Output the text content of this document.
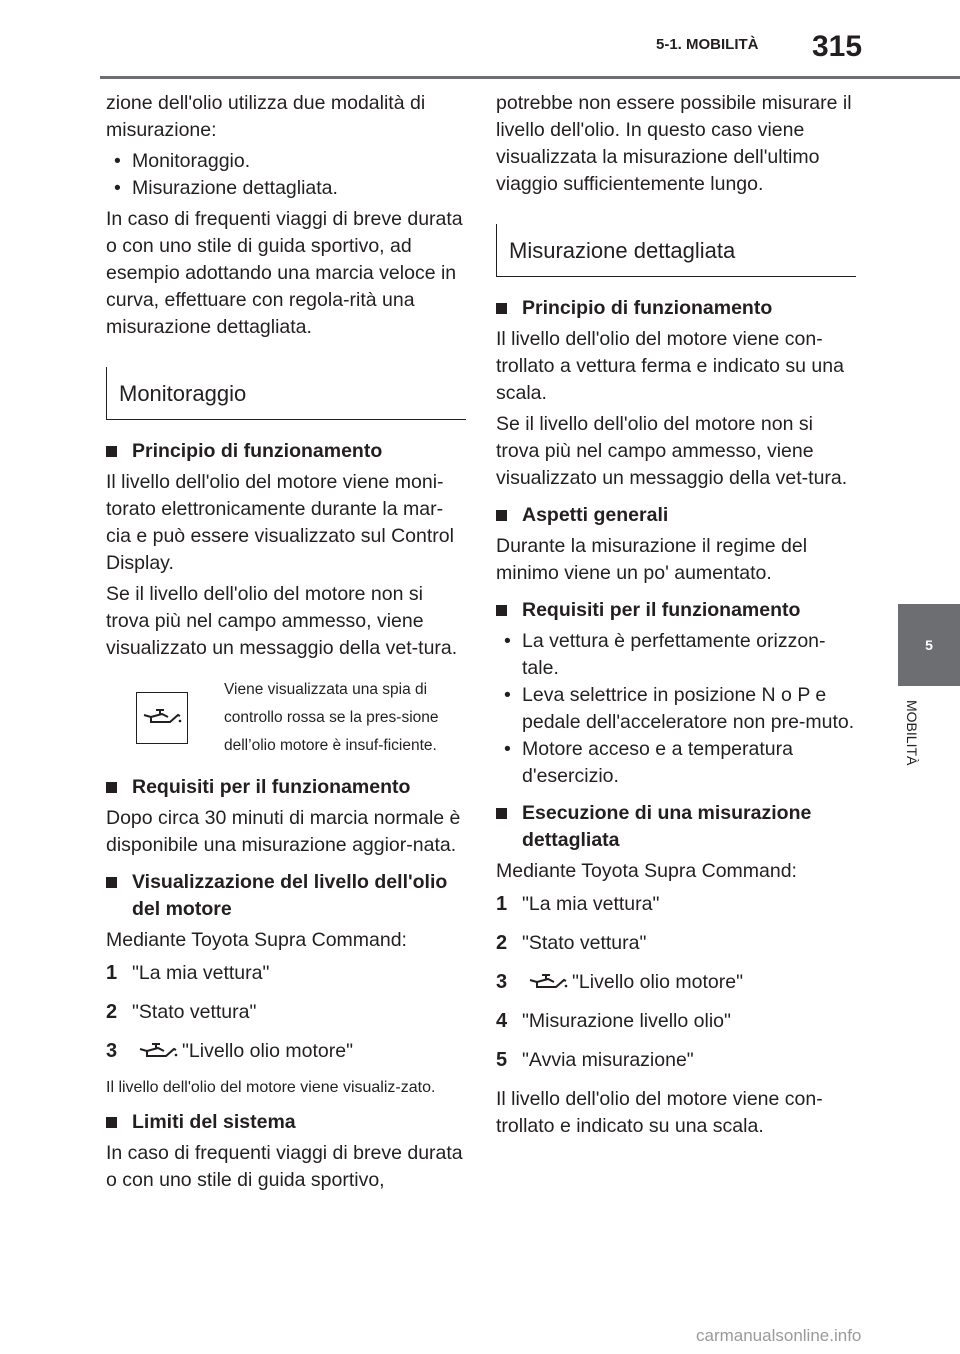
5-1. MOBILITÀ 315
5
MOBILITÀ

zione dell'olio utilizza due modalità di misurazione:

• Monitoraggio.
• Misurazione dettagliata.

In caso di frequenti viaggi di breve durata o con uno stile di guida sportivo, ad esempio adottando una marcia veloce in curva, effettuare con regola-rità una misurazione dettagliata.

Monitoraggio
Principio di funzionamento

Il livello dell'olio del motore viene moni-torato elettronicamente durante la mar-cia e può essere visualizzato sul Control Display.

Se il livello dell'olio del motore non si trova più nel campo ammesso, viene visualizzato un messaggio della vet-tura.

Viene visualizzata una spia di controllo rossa se la pres-sione dell’olio motore è insuf-ficiente.
Requisiti per il funzionamento

Dopo circa 30 minuti di marcia normale è disponibile una misurazione aggior-nata.

Visualizzazione del livello dell'olio del motore

Mediante Toyota Supra Command:

1 "La mia vettura"
2 "Stato vettura"
3	"Livello olio motore"
Il livello dell'olio del motore viene visualiz-zato.
Limiti del sistema

In caso di frequenti viaggi di breve durata o con uno stile di guida sportivo,

potrebbe non essere possibile misurare il livello dell'olio. In questo caso viene visualizzata la misurazione dell'ultimo viaggio sufficientemente lungo.

Misurazione dettagliata
Principio di funzionamento

Il livello dell'olio del motore viene con-trollato a vettura ferma e indicato su una scala.

Se il livello dell'olio del motore non si trova più nel campo ammesso, viene visualizzato un messaggio della vet-tura.

Aspetti generali

Durante la misurazione il regime del minimo viene un po' aumentato.

Requisiti per il funzionamento
• La vettura è perfettamente orizzon-tale.
• Leva selettrice in posizione N o P e pedale dell'acceleratore non pre-muto.
• Motore acceso e a temperatura d'esercizio.
Esecuzione di una misurazione dettagliata

Mediante Toyota Supra Command:

1 "La mia vettura"
2 "Stato vettura"
3	"Livello olio motore"
4 "Misurazione livello olio"
5 "Avvia misurazione"

Il livello dell'olio del motore viene con-trollato e indicato su una scala.

carmanualsonline.info
